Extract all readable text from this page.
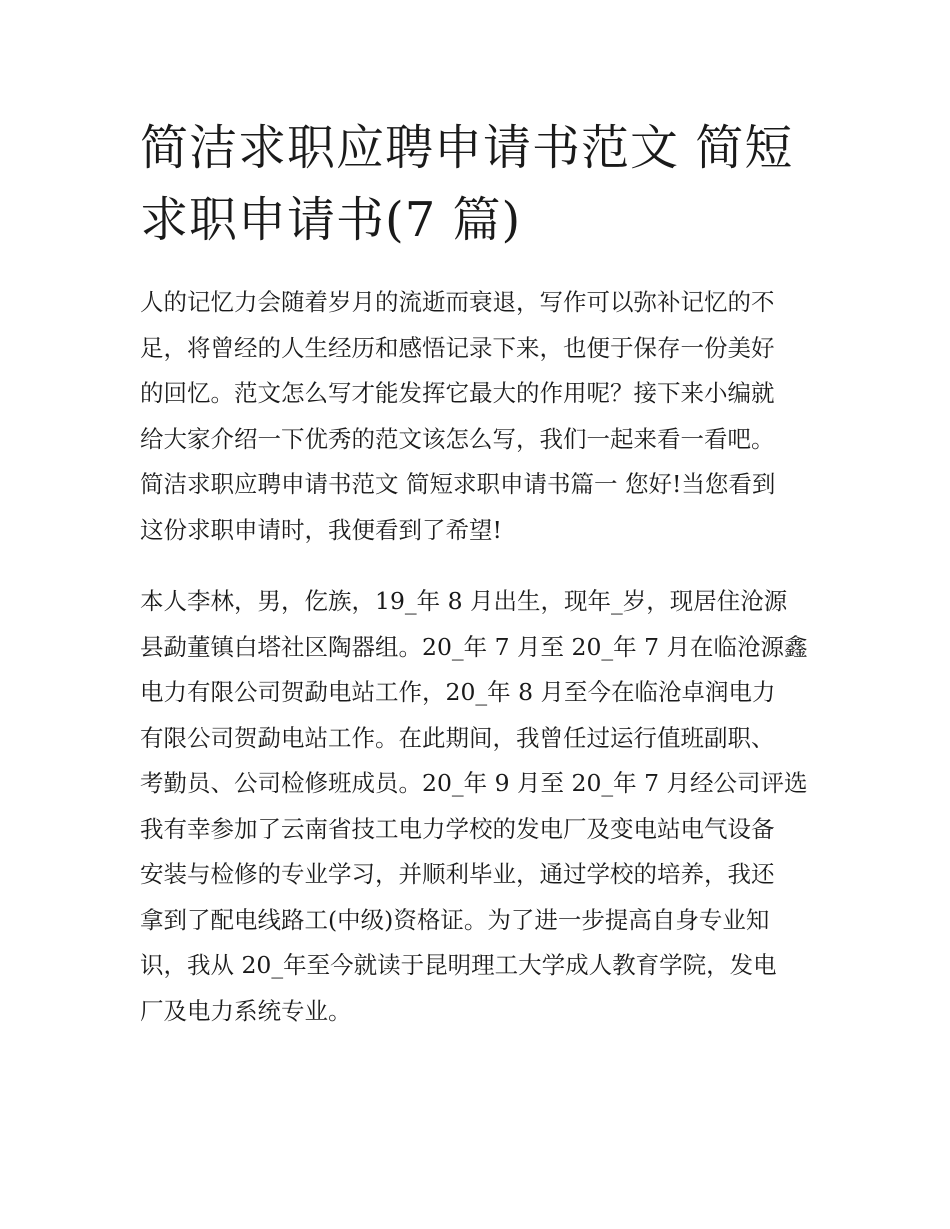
简洁求职应聘申请书范文 简短
求职申请书(7 篇)

人的记忆力会随着岁月的流逝而衰退，写作可以弥补记忆的不
足，将曾经的人生经历和感悟记录下来，也便于保存一份美好
的回忆。范文怎么写才能发挥它最大的作用呢？接下来小编就
给大家介绍一下优秀的范文该怎么写，我们一起来看一看吧。
简洁求职应聘申请书范文 简短求职申请书篇一 您好!当您看到
这份求职申请时，我便看到了希望!

本人李林，男，仡族，19_年 8 月出生，现年_岁，现居住沧源
县勐董镇白塔社区陶器组。20_年 7 月至 20_年 7 月在临沧源鑫
电力有限公司贺勐电站工作，20_年 8 月至今在临沧卓润电力
有限公司贺勐电站工作。在此期间，我曾任过运行值班副职、
考勤员、公司检修班成员。20_年 9 月至 20_年 7 月经公司评选
我有幸参加了云南省技工电力学校的发电厂及变电站电气设备
安装与检修的专业学习，并顺利毕业，通过学校的培养，我还
拿到了配电线路工(中级)资格证。为了进一步提高自身专业知
识，我从 20_年至今就读于昆明理工大学成人教育学院，发电
厂及电力系统专业。
